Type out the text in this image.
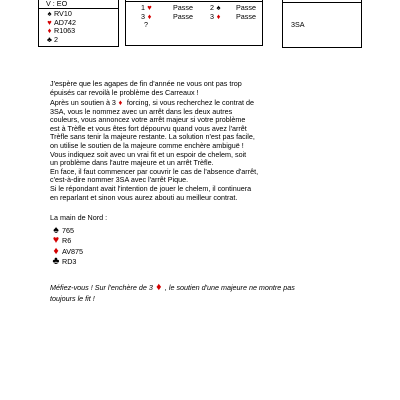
V : EO
♠ RV10
♥ AD742
♦ R1063
♣ 2
1 ♥
3 ♦
?
Passe
Passe
2 ♠
3 ♦
Passe
Passe
3SA

J'espère que les agapes de fin d'année ne vous ont pas trop

épuisés car revoilà le problème des Carreaux !

Après un soutien à 3 ♦ forcing, si vous recherchez le contrat de

3SA, vous le nommez avec un arrêt dans les deux autres

couleurs, vous annoncez votre arrêt majeur si votre problème

est à Trèfle et vous êtes fort dépourvu quand vous avez l'arrêt

Trèfle sans tenir la majeure restante. La solution n'est pas facile,

on utilise le soutien de la majeure comme enchère ambiguë !

Vous indiquez soit avec un vrai fit et un espoir de chelem, soit

un problème dans l'autre majeure et un arrêt Trèfle.

En face, il faut commencer par couvrir le cas de l'absence d'arrêt,

c'est-à-dire nommer 3SA avec l'arrêt Pique.

Si le répondant avait l'intention de jouer le chelem, il continuera

en reparlant et sinon vous aurez abouti au meilleur contrat.

La main de Nord :
♠ 765
♥ R6
♦ AV875
♣ RD3
Méfiez-vous ! Sur l'enchère de 3 ♦ , le soutien d'une majeure ne montre pas
toujours le fit !
